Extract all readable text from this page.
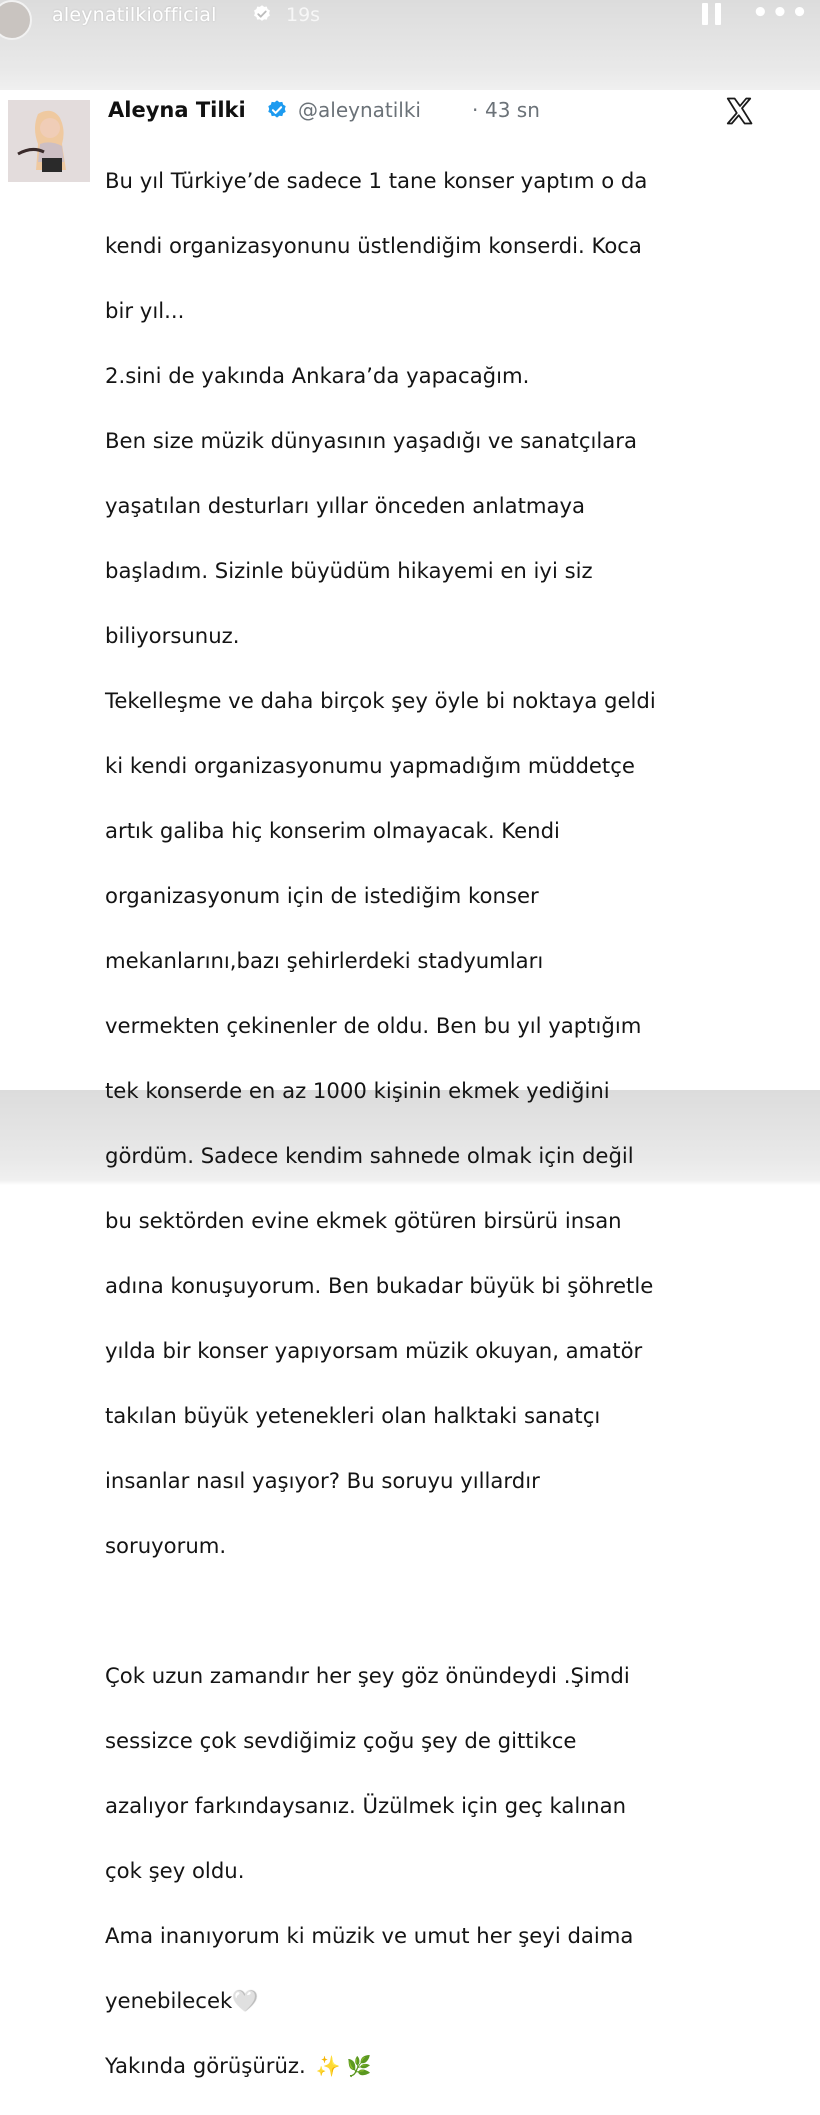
aleynatilkiofficial	19s	•••
Aleyna Tilki	@aleynatilki	· 43 sn

Bu yıl Türkiye’de sadece 1 tane konser yaptım o da

kendi organizasyonunu üstlendiğim konserdi. Koca

bir yıl...

2.sini de yakında Ankara’da yapacağım.

Ben size müzik dünyasının yaşadığı ve sanatçılara

yaşatılan desturları yıllar önceden anlatmaya

başladım. Sizinle büyüdüm hikayemi en iyi siz

biliyorsunuz.

Tekelleşme ve daha birçok şey öyle bi noktaya geldi

ki kendi organizasyonumu yapmadığım müddetçe

artık galiba hiç konserim olmayacak. Kendi

organizasyonum için de istediğim konser

mekanlarını,bazı şehirlerdeki stadyumları

vermekten çekinenler de oldu. Ben bu yıl yaptığım

tek konserde en az 1000 kişinin ekmek yediğini

gördüm. Sadece kendim sahnede olmak için değil

bu sektörden evine ekmek götüren birsürü insan

adına konuşuyorum. Ben bukadar büyük bi şöhretle

yılda bir konser yapıyorsam müzik okuyan, amatör

takılan büyük yetenekleri olan halktaki sanatçı

insanlar nasıl yaşıyor? Bu soruyu yıllardır

soruyorum.

Çok uzun zamandır her şey göz önündeydi .Şimdi

sessizce çok sevdiğimiz çoğu şey de gittikce

azalıyor farkındaysanız. Üzülmek için geç kalınan

çok şey oldu.

Ama inanıyorum ki müzik ve umut her şeyi daima

yenebilecek🤍

Yakında görüşürüz. ✨ 🌿
